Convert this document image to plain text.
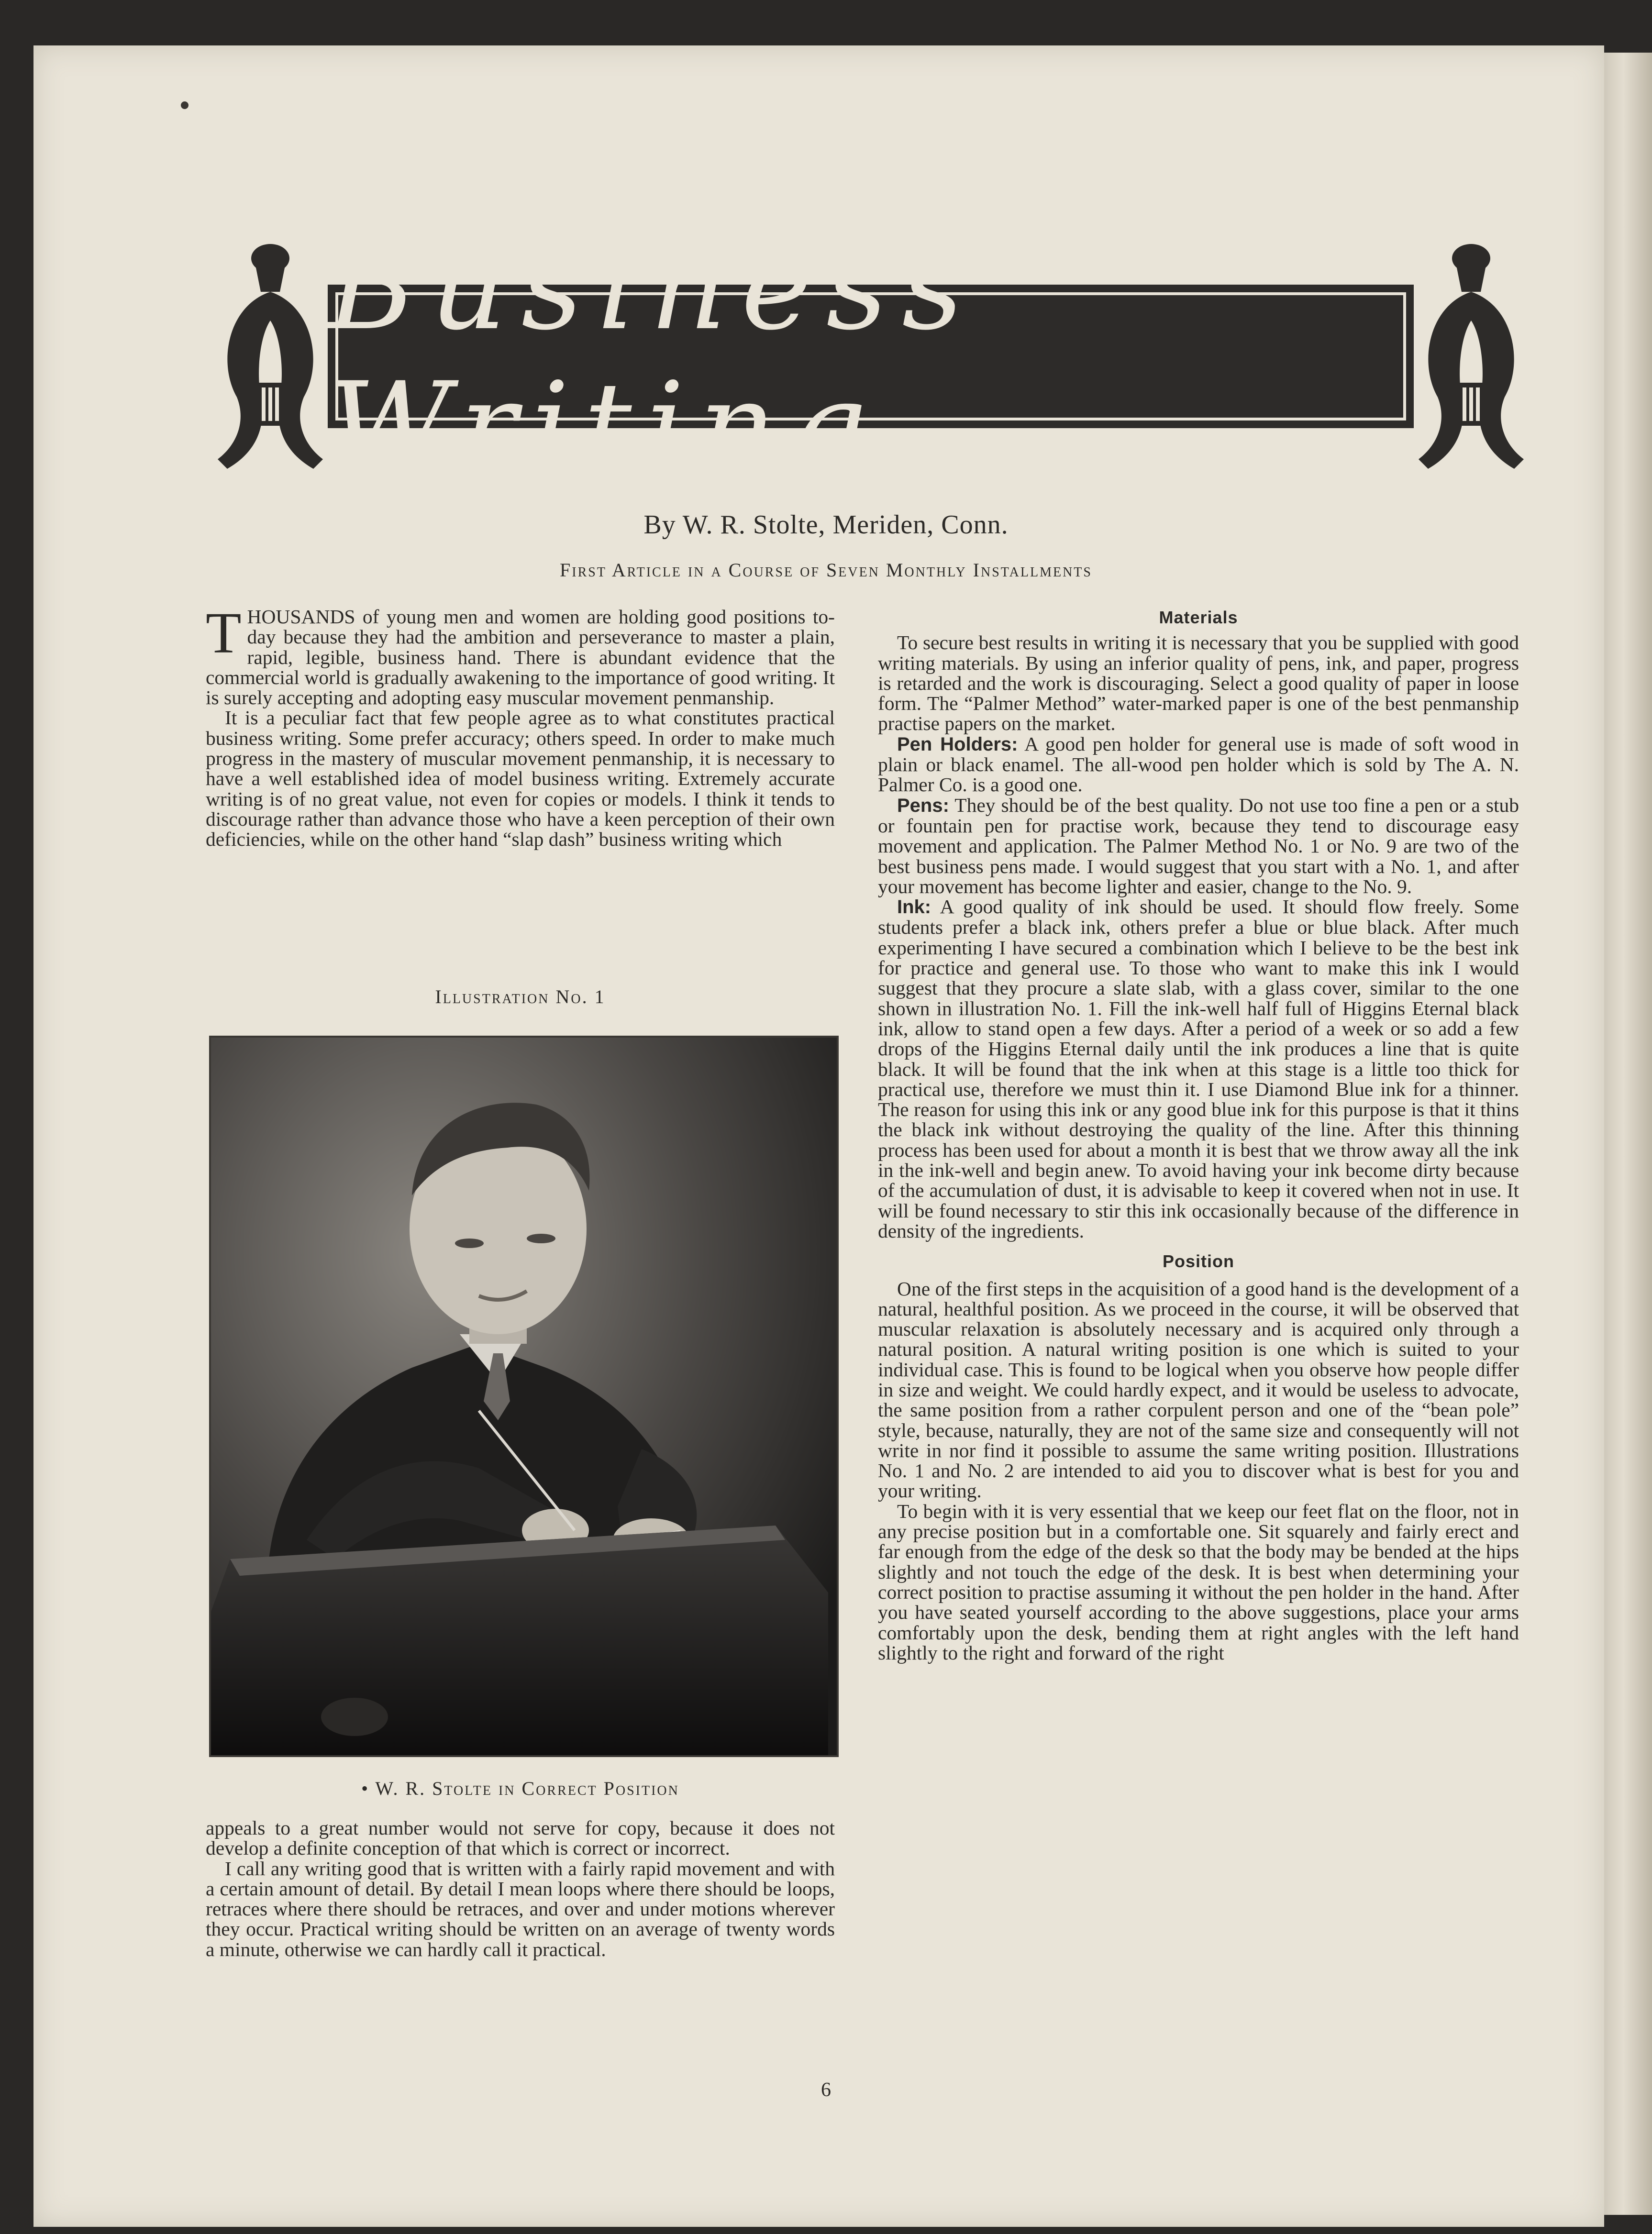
Business Writing
By W. R. Stolte, Meriden, Conn.
First Article in a Course of Seven Monthly Installments

THOUSANDS of young men and women are holding good positions to-day because they had the ambition and perseverance to master a plain, rapid, legible, business hand. There is abundant evidence that the commercial world is gradually awakening to the importance of good writing. It is surely accepting and adopting easy muscular movement penmanship.

It is a peculiar fact that few people agree as to what constitutes practical business writing. Some prefer accuracy; others speed. In order to make much progress in the mastery of muscular movement penmanship, it is necessary to have a well established idea of model business writing. Extremely accurate writing is of no great value, not even for copies or models. I think it tends to discourage rather than advance those who have a keen perception of their own deficiencies, while on the other hand “slap dash” business writing which

Illustration No. 1
• W. R. Stolte in Correct Position

appeals to a great number would not serve for copy, because it does not develop a definite conception of that which is correct or incorrect.

I call any writing good that is written with a fairly rapid movement and with a certain amount of detail. By detail I mean loops where there should be loops, retraces where there should be retraces, and over and under motions wherever they occur. Practical writing should be written on an average of twenty words a minute, otherwise we can hardly call it practical.

Materials

To secure best results in writing it is necessary that you be supplied with good writing materials. By using an inferior quality of pens, ink, and paper, progress is retarded and the work is discouraging. Select a good quality of paper in loose form. The “Palmer Method” water-marked paper is one of the best penmanship practise papers on the market.

Pen Holders: A good pen holder for general use is made of soft wood in plain or black enamel. The all-wood pen holder which is sold by The A. N. Palmer Co. is a good one.

Pens: They should be of the best quality. Do not use too fine a pen or a stub or fountain pen for practise work, because they tend to discourage easy movement and application. The Palmer Method No. 1 or No. 9 are two of the best business pens made. I would suggest that you start with a No. 1, and after your movement has become lighter and easier, change to the No. 9.

Ink: A good quality of ink should be used. It should flow freely. Some students prefer a black ink, others prefer a blue or blue black. After much experimenting I have secured a combination which I believe to be the best ink for practice and general use. To those who want to make this ink I would suggest that they procure a slate slab, with a glass cover, similar to the one shown in illustration No. 1. Fill the ink-well half full of Higgins Eternal black ink, allow to stand open a few days. After a period of a week or so add a few drops of the Higgins Eternal daily until the ink produces a line that is quite black. It will be found that the ink when at this stage is a little too thick for practical use, therefore we must thin it. I use Diamond Blue ink for a thinner. The reason for using this ink or any good blue ink for this purpose is that it thins the black ink without destroying the quality of the line. After this thinning process has been used for about a month it is best that we throw away all the ink in the ink-well and begin anew. To avoid having your ink become dirty because of the accumulation of dust, it is advisable to keep it covered when not in use. It will be found necessary to stir this ink occasionally because of the difference in density of the ingredients.

Position

One of the first steps in the acquisition of a good hand is the development of a natural, healthful position. As we proceed in the course, it will be observed that muscular relaxation is absolutely necessary and is acquired only through a natural position. A natural writing position is one which is suited to your individual case. This is found to be logical when you observe how people differ in size and weight. We could hardly expect, and it would be useless to advocate, the same position from a rather corpulent person and one of the “bean pole” style, because, naturally, they are not of the same size and consequently will not write in nor find it possible to assume the same writing position. Illustrations No. 1 and No. 2 are intended to aid you to discover what is best for you and your writing.

To begin with it is very essential that we keep our feet flat on the floor, not in any precise position but in a comfortable one. Sit squarely and fairly erect and far enough from the edge of the desk so that the body may be bended at the hips slightly and not touch the edge of the desk. It is best when determining your correct position to practise assuming it without the pen holder in the hand. After you have seated yourself according to the above suggestions, place your arms comfortably upon the desk, bending them at right angles with the left hand slightly to the right and forward of the right

6
